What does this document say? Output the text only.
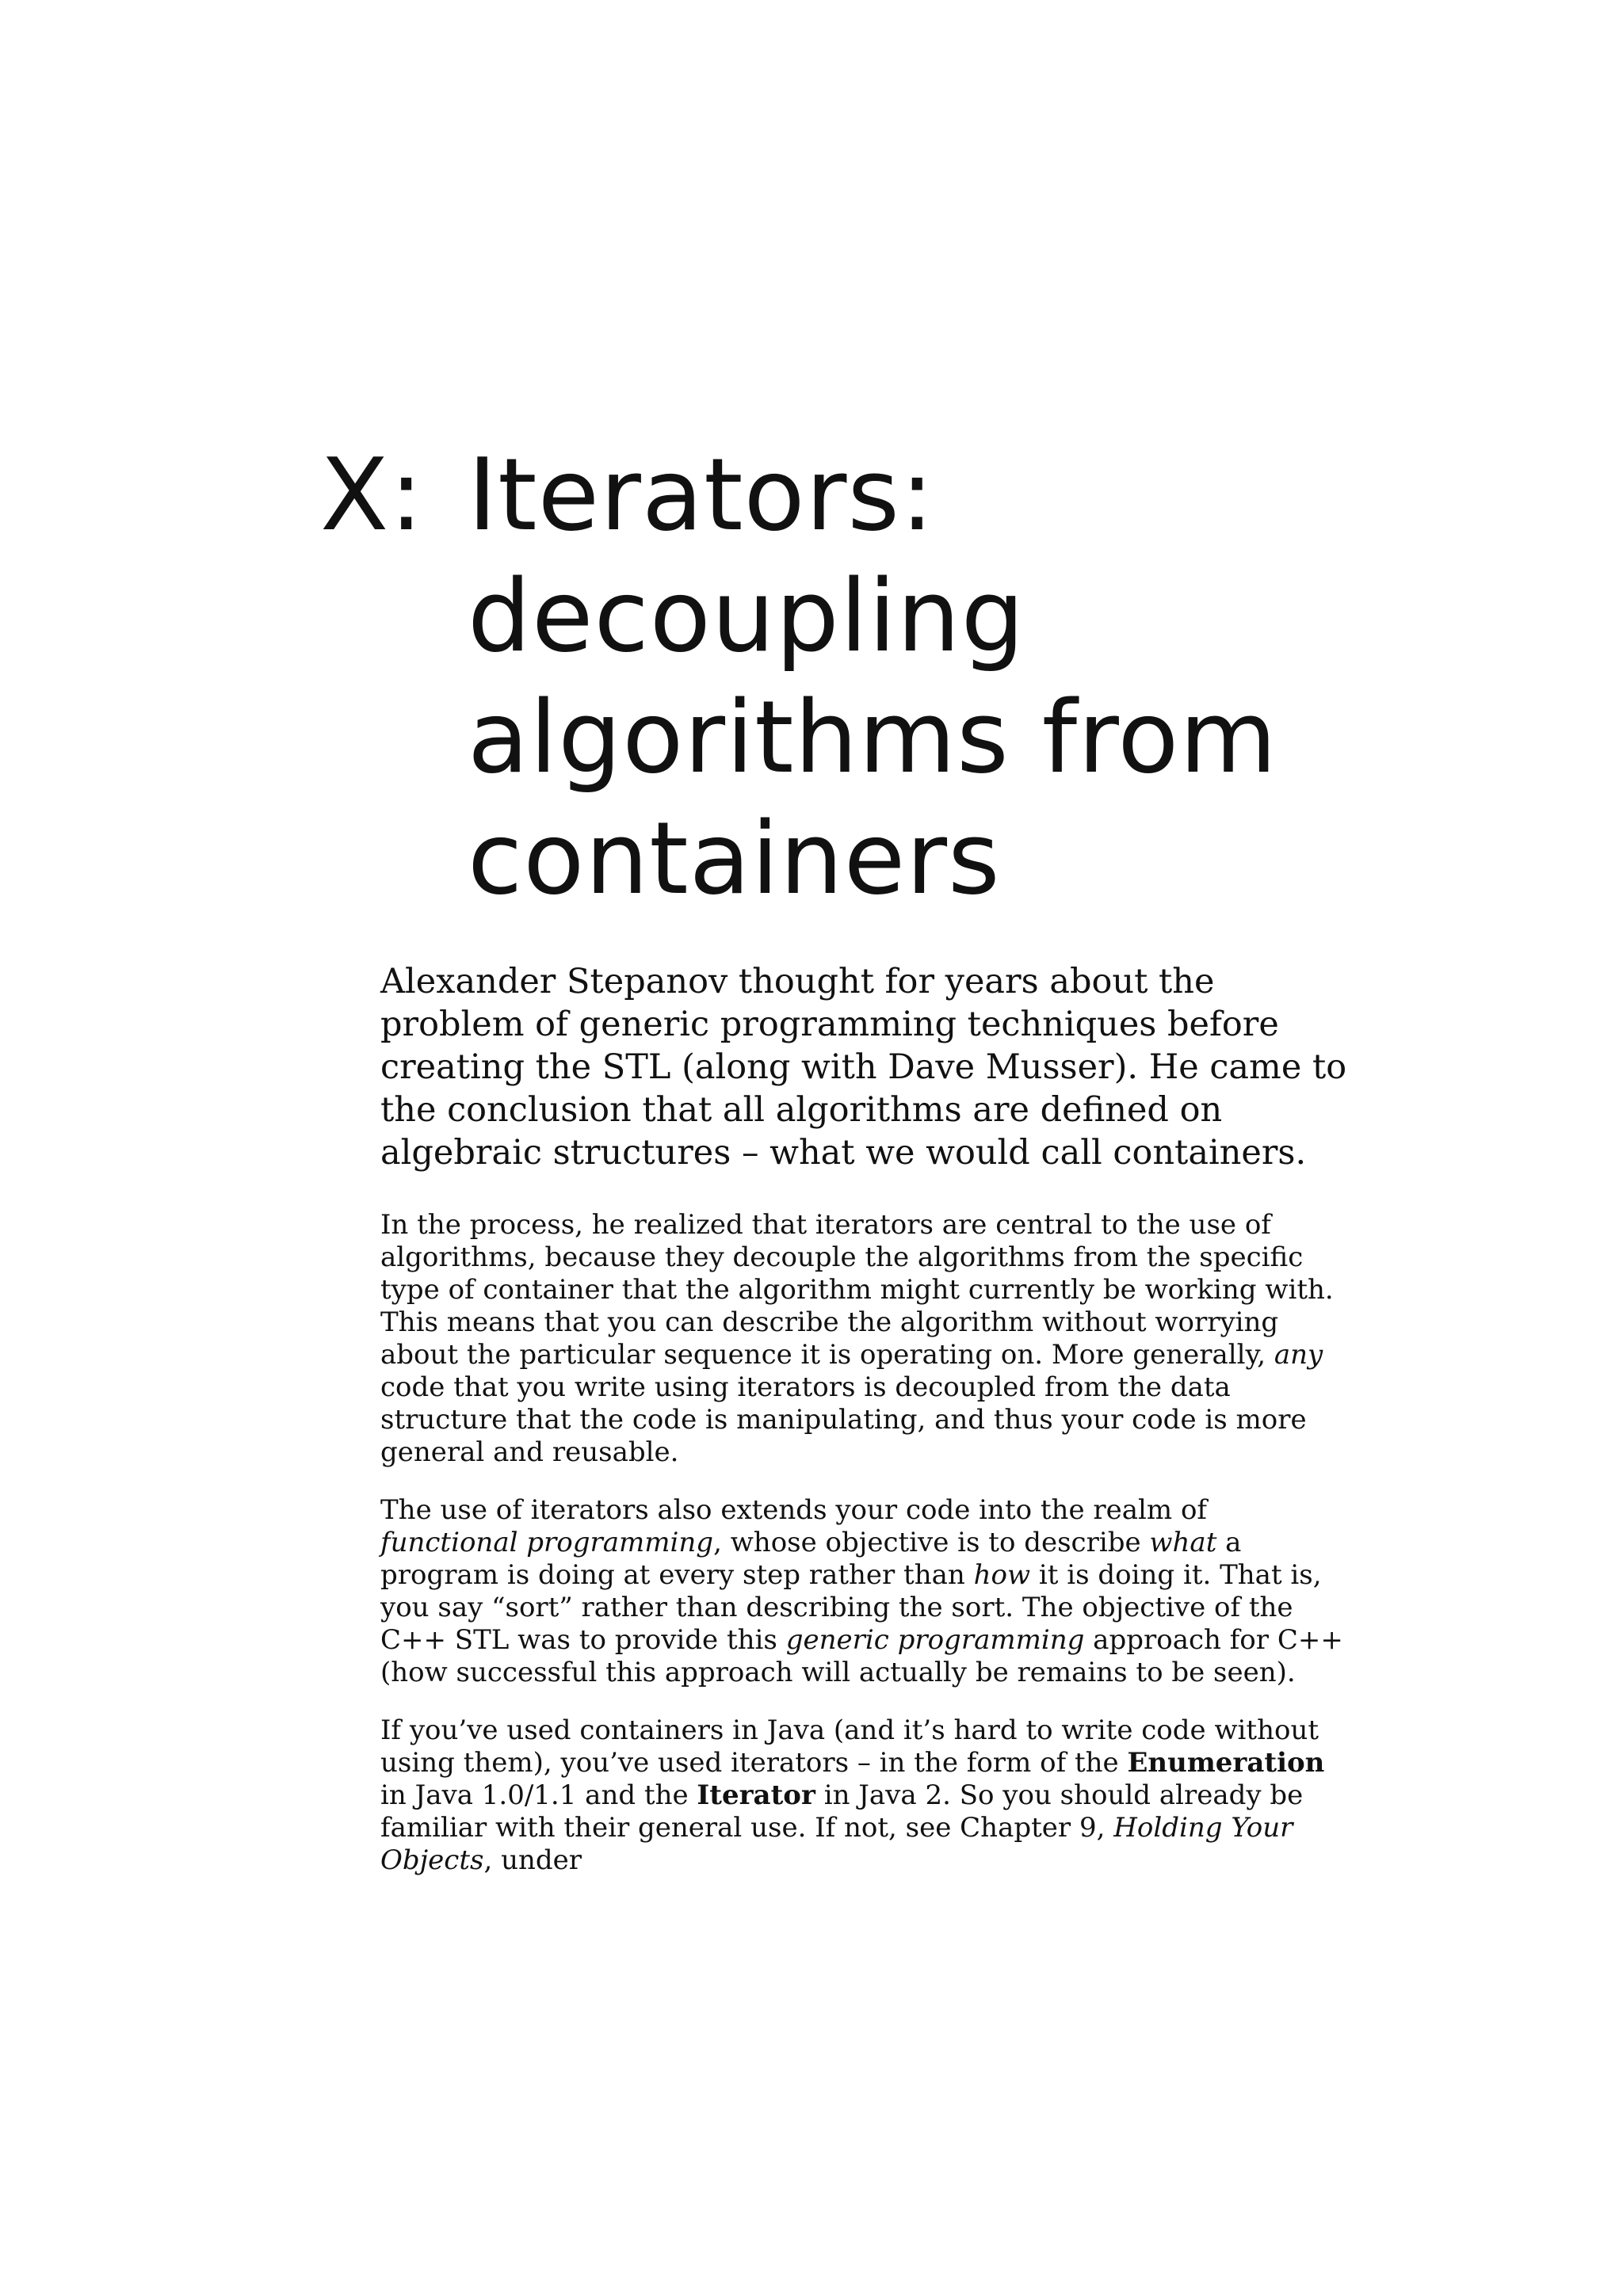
X: Iterators:
decoupling
algorithms from
containers

Alexander Stepanov thought for years about the problem of generic programming techniques before creating the STL (along with Dave Musser). He came to the conclusion that all algorithms are defined on algebraic structures – what we would call containers.

In the process, he realized that iterators are central to the use of algorithms, because they decouple the algorithms from the specific type of container that the algorithm might currently be working with. This means that you can describe the algorithm without worrying about the particular sequence it is operating on. More generally, any code that you write using iterators is decoupled from the data structure that the code is manipulating, and thus your code is more general and reusable.

The use of iterators also extends your code into the realm of functional programming, whose objective is to describe what a program is doing at every step rather than how it is doing it. That is, you say “sort” rather than describing the sort. The objective of the C++ STL was to provide this generic programming approach for C++ (how successful this approach will actually be remains to be seen).

If you’ve used containers in Java (and it’s hard to write code without using them), you’ve used iterators – in the form of the Enumeration in Java 1.0/1.1 and the Iterator in Java 2. So you should already be familiar with their general use. If not, see Chapter 9, Holding Your Objects, under
